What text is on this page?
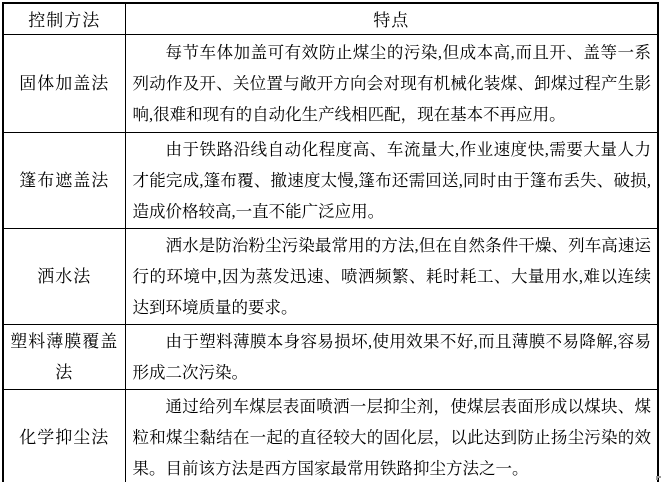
控制方法	特点
固体加盖法	每节车体加盖可有效防止煤尘的污染,但成本高,而且开、盖等一系列动作及开、关位置与敞开方向会对现有机械化装煤、卸煤过程产生影响,很难和现有的自动化生产线相匹配，现在基本不再应用。

篷布遮盖法	由于铁路沿线自动化程度高、车流量大,作业速度快,需要大量人力才能完成,篷布覆、撤速度太慢,篷布还需回送,同时由于篷布丢失、破损,造成价格较高,一直不能广泛应用。

洒水法	洒水是防治粉尘污染最常用的方法,但在自然条件干燥、列车高速运行的环境中,因为蒸发迅速、喷洒频繁、耗时耗工、大量用水,难以连续达到环境质量的要求。

塑料薄膜覆盖法	由于塑料薄膜本身容易损坏,使用效果不好,而且薄膜不易降解,容易形成二次污染。

化学抑尘法	通过给列车煤层表面喷洒一层抑尘剂，使煤层表面形成以煤块、煤粒和煤尘黏结在一起的直径较大的固化层，以此达到防止扬尘污染的效果。目前该方法是西方国家最常用铁路抑尘方法之一。
